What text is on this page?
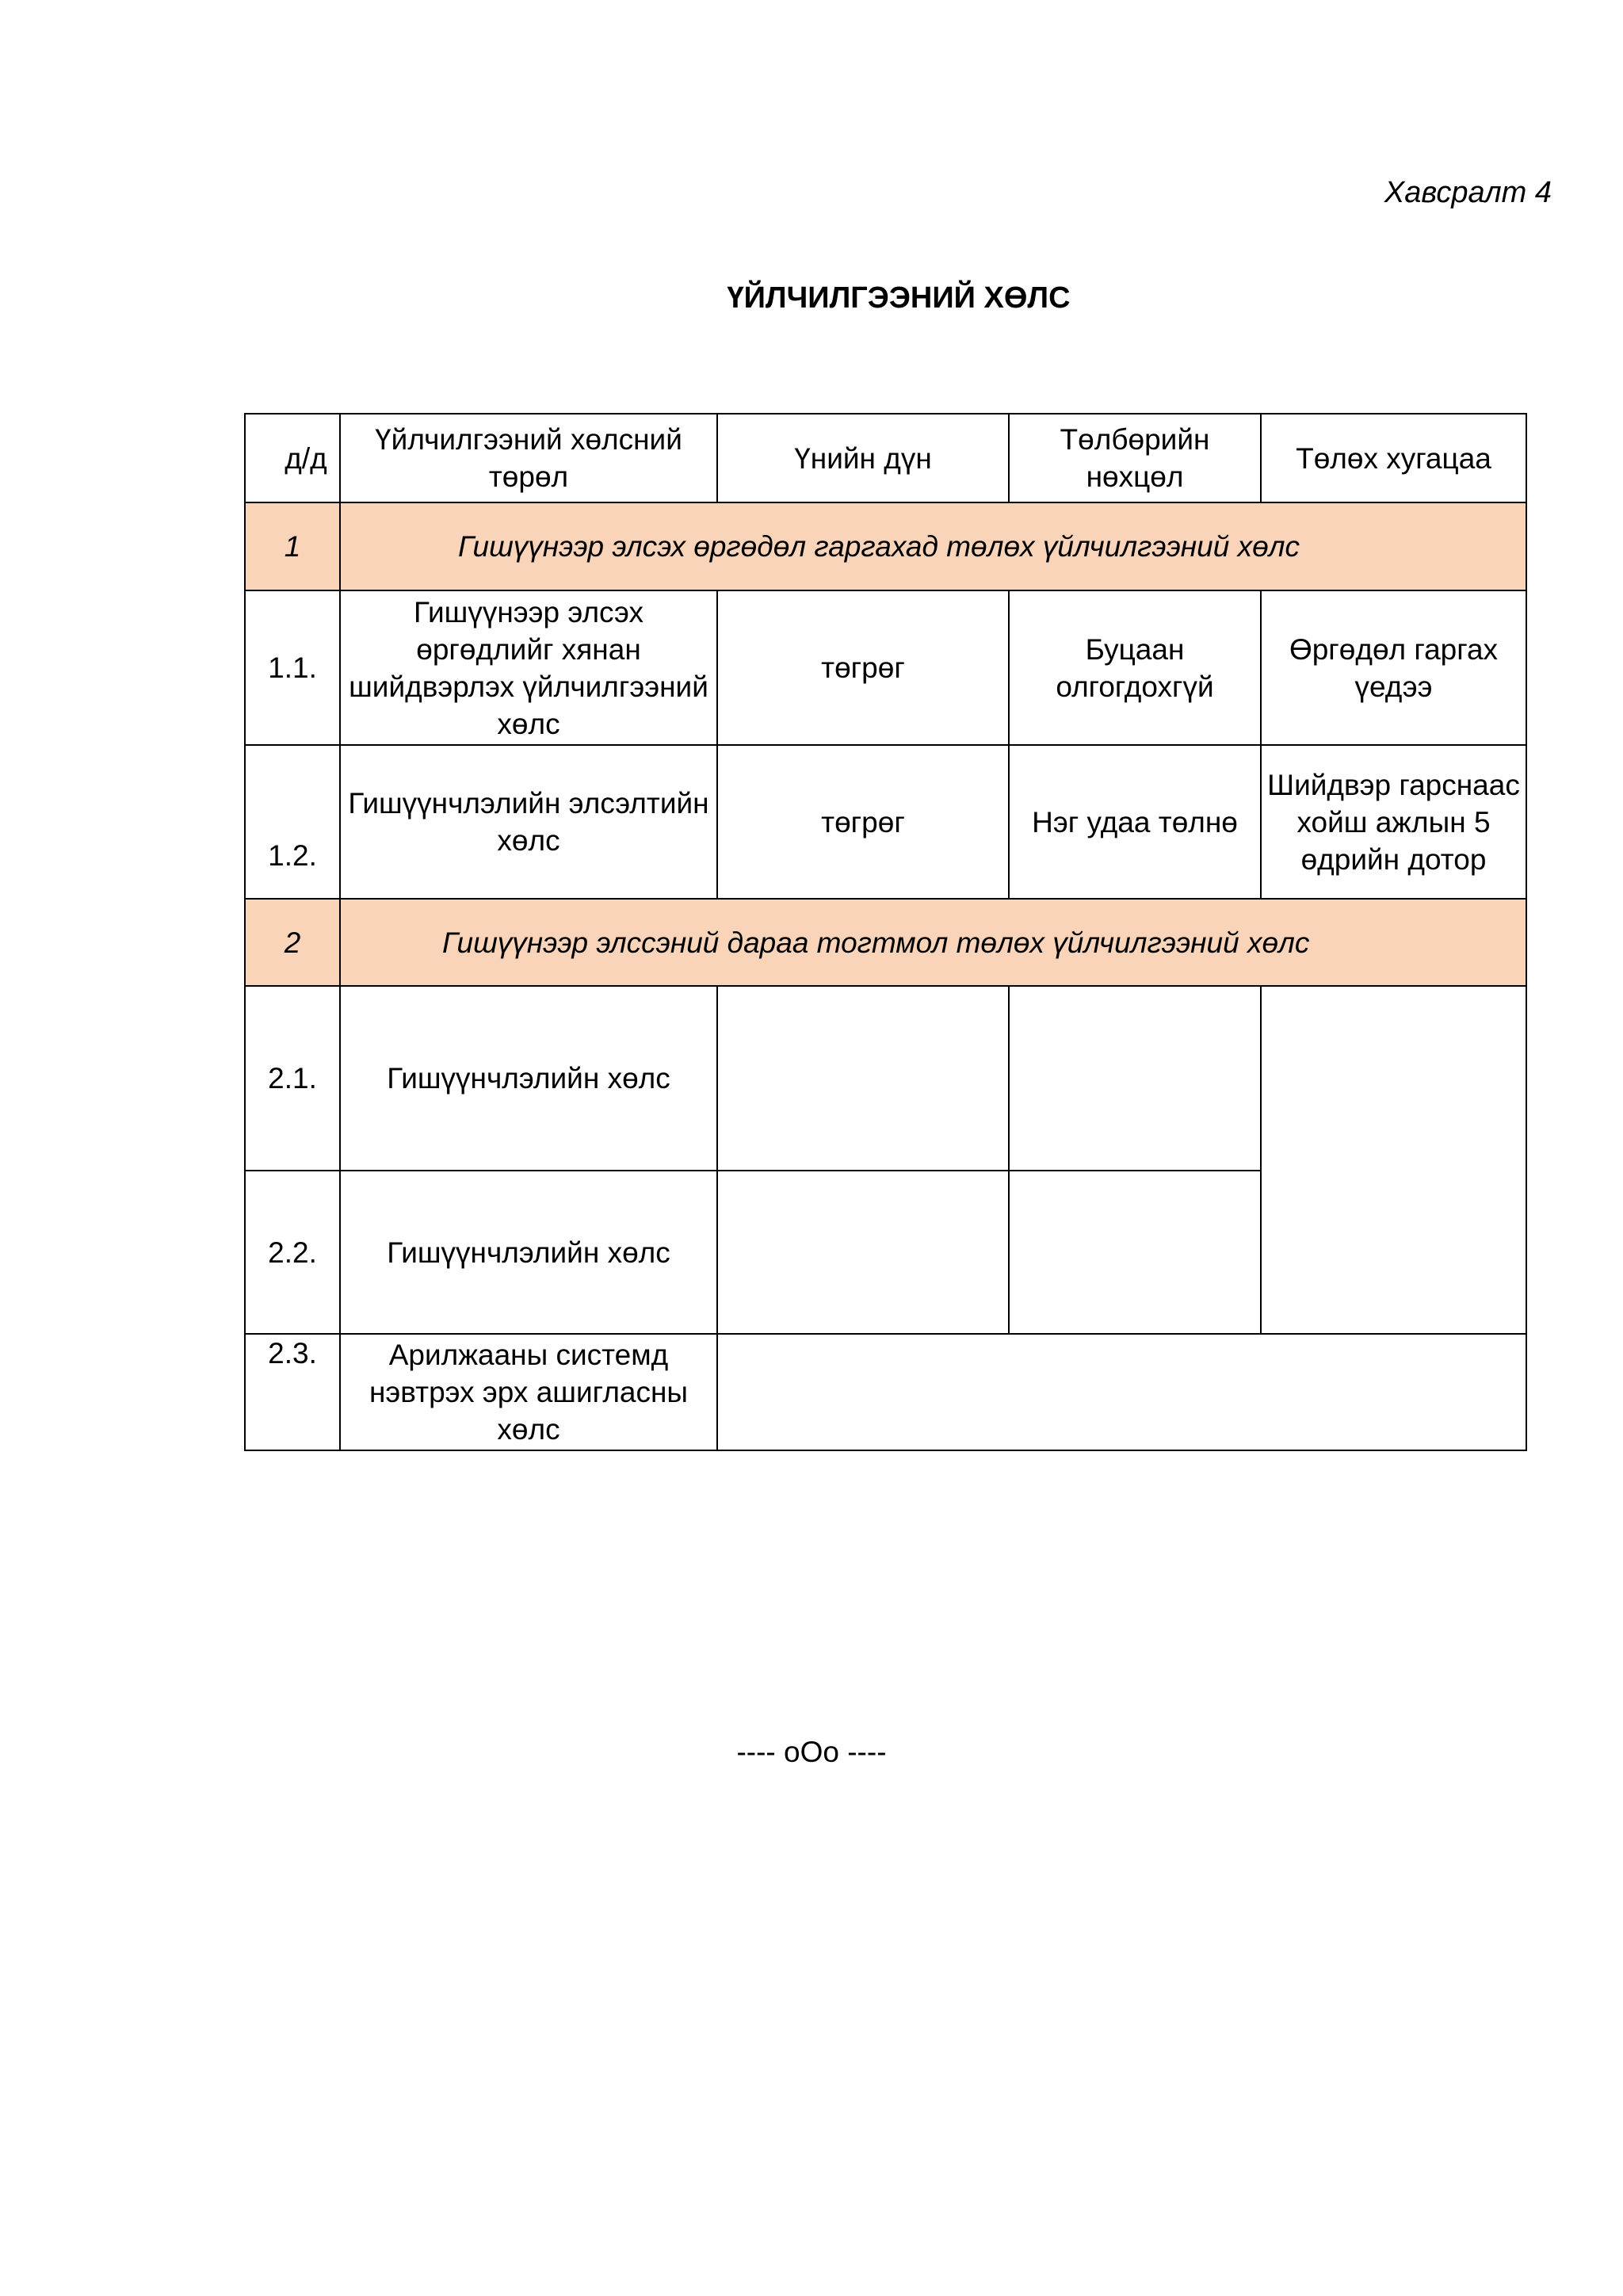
Хавсралт 4
ҮЙЛЧИЛГЭЭНИЙ ХӨЛС
д/д	Үйлчилгээний хөлсний төрөл	Үнийн дүн	Төлбөрийн нөхцөл	Төлөх хугацаа
1	Гишүүнээр элсэх өргөдөл гаргахад төлөх үйлчилгээний хөлс			
1.1.	Гишүүнээр элсэх өргөдлийг хянан шийдвэрлэх үйлчилгээний хөлс	төгрөг	Буцаан олгогдохгүй	Өргөдөл гаргах үедээ
1.2.	Гишүүнчлэлийн элсэлтийн хөлс	төгрөг	Нэг удаа төлнө	Шийдвэр гарснаас хойш ажлын 5 өдрийн дотор
2	Гишүүнээр элссэний дараа тогтмол төлөх үйлчилгээний хөлс			
2.1.	Гишүүнчлэлийн хөлс			
2.2.	Гишүүнчлэлийн хөлс			
2.3.	Арилжааны системд нэвтрэх эрх ашигласны хөлс			
---- oOo ----
